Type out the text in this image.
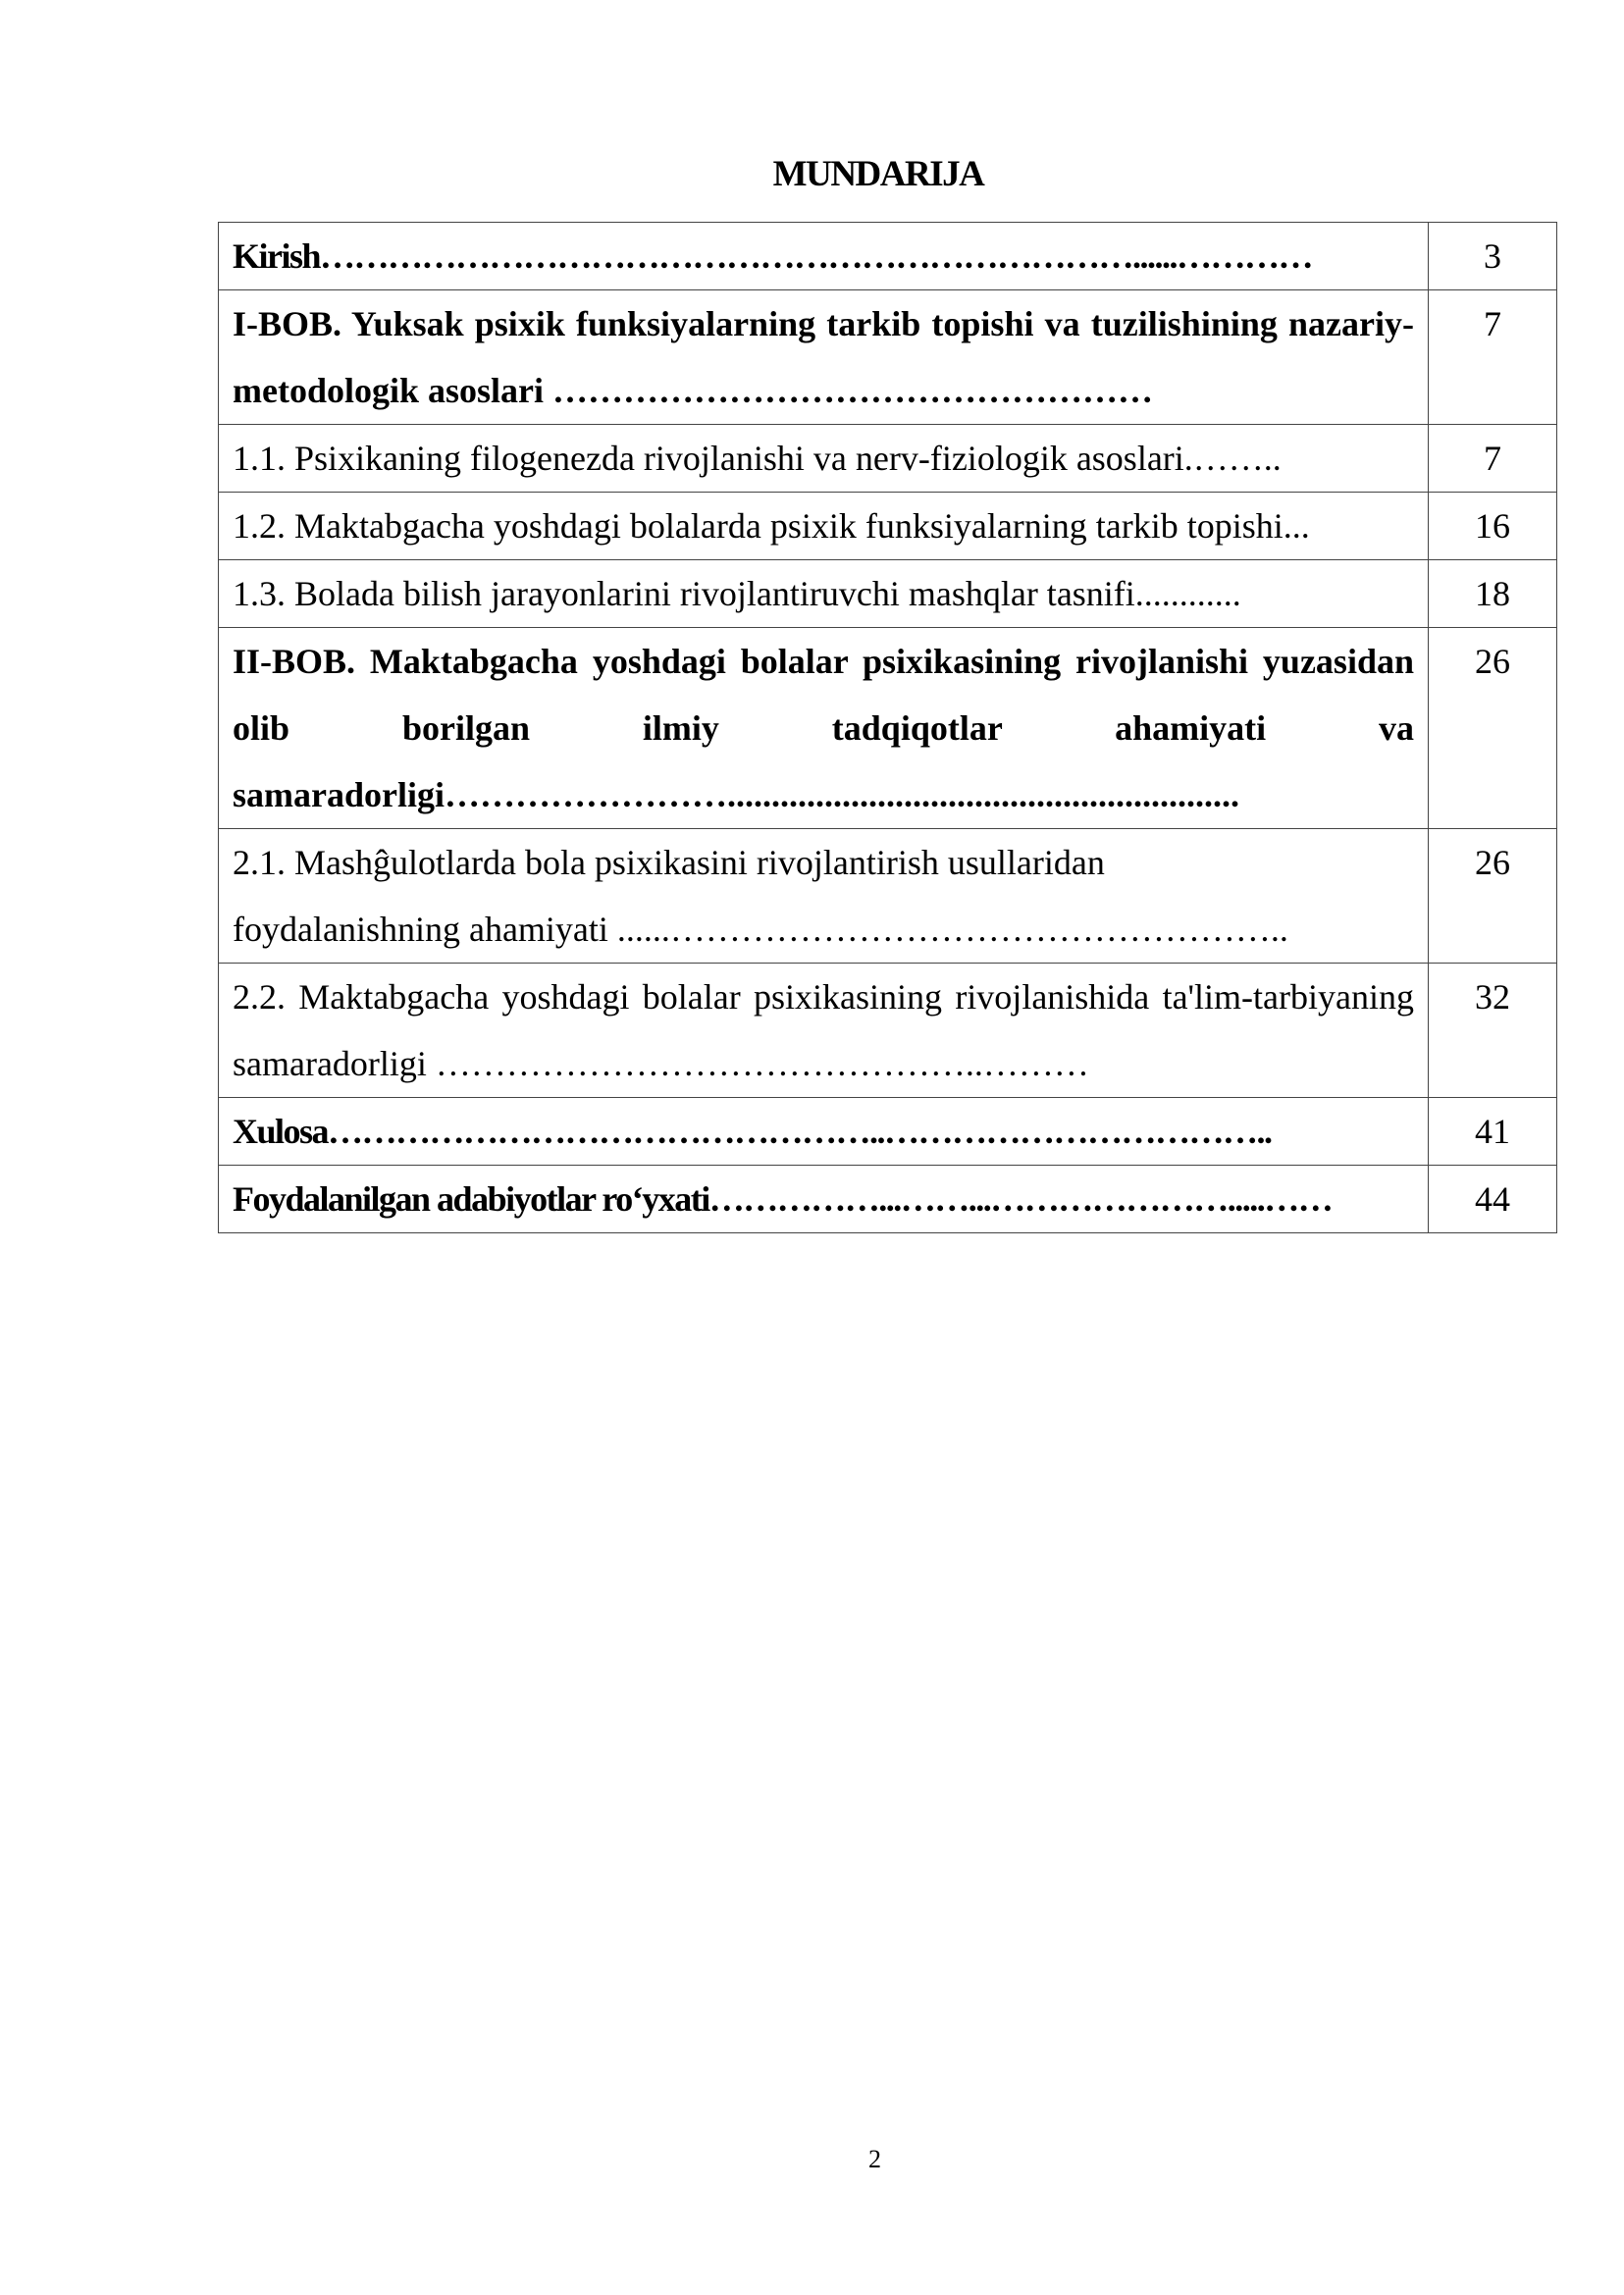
MUNDARIJA
Kirish………………………………………………………………......…………	3
I-BOB. Yuksak psixik funksiyalarning tarkib topishi va tuzilishining nazariy-metodologik asoslari ……………………………………………	7
1.1. Psixikaning filogenezda rivojlanishi va nerv-fiziologik asoslari.……..	7
1.2. Maktabgacha yoshdagi bolalarda psixik funksiyalarning tarkib topishi...	16
1.3. Bolada bilish jarayonlarini rivojlantiruvchi mashqlar tasnifi............	18
II-BOB. Maktabgacha yoshdagi bolalar psixikasining rivojlanishi yuzasidan olib borilgan ilmiy tadqiqotlar ahamiyati va samaradorligi……………………..........................................................	26

2.1. Mashĝulotlarda bola psixikasini rivojlantirish usullaridan
foydalanishning ahamiyati ......……………………………………………..	26
2.2. Maktabgacha yoshdagi bolalar psixikasining rivojlanishida ta'lim-tarbiyaning samaradorligi ………………………………………..………	32
Xulosa…………………………………………..……………………………..	41
Foydalanilgan adabiyotlar ro‘yxati……………...……...………………….....……	44
2
